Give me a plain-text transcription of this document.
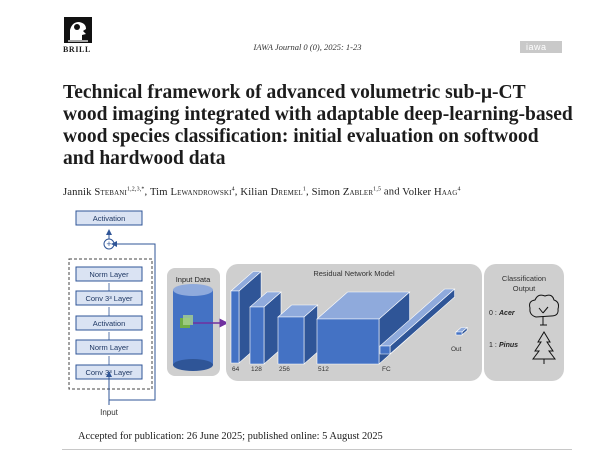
BRILL	IAWA Journal 0 (0), 2025: 1-23	iawa
Technical framework of advanced volumetric sub-μ-CT wood imaging integrated with adaptable deep-learning-based wood species classification: initial evaluation on softwood and hardwood data
Jannik Stebani$^{1,2,3,*}$, Tim Lewandrowski$^4$, Kilian Dremel$^1$, Simon Zabler$^{1,5}$ and Volker Haag$^4$
Activation
Norm Layer
Conv 3³ Layer
Activation
Norm Layer
Conv 3³ Layer
+
Input
Input Data
Residual Network Model
64 128	256	512	FC
Out
Classification
Output
0 : Acer
1 : Pinus
Accepted for publication: 26 June 2025; published online: 5 August 2025
